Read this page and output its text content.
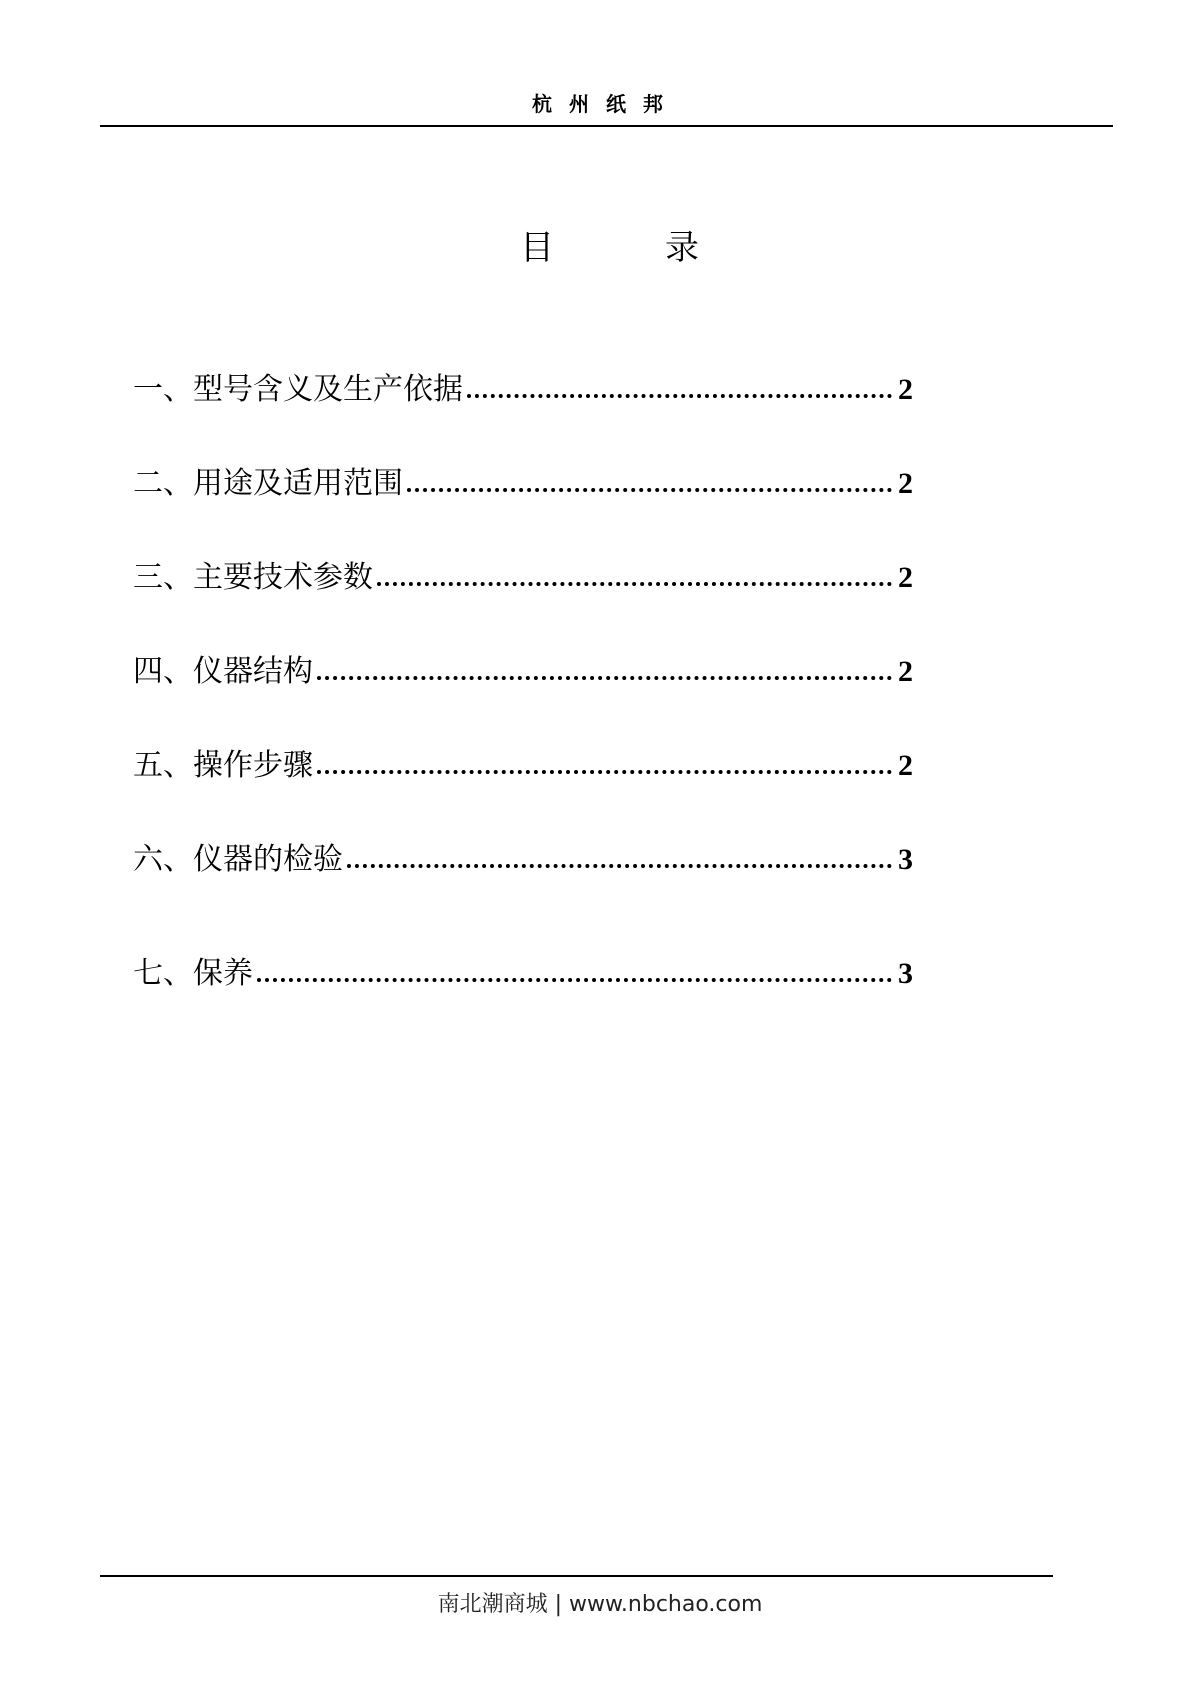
杭 州 纸 邦
目	录
一、型号含义及生产依据	2
二、用途及适用范围	2
三、主要技术参数	2
四、仪器结构	2
五、操作步骤	2
六、仪器的检验	3
七、保养	3
南北潮商城 | www.nbchao.com
